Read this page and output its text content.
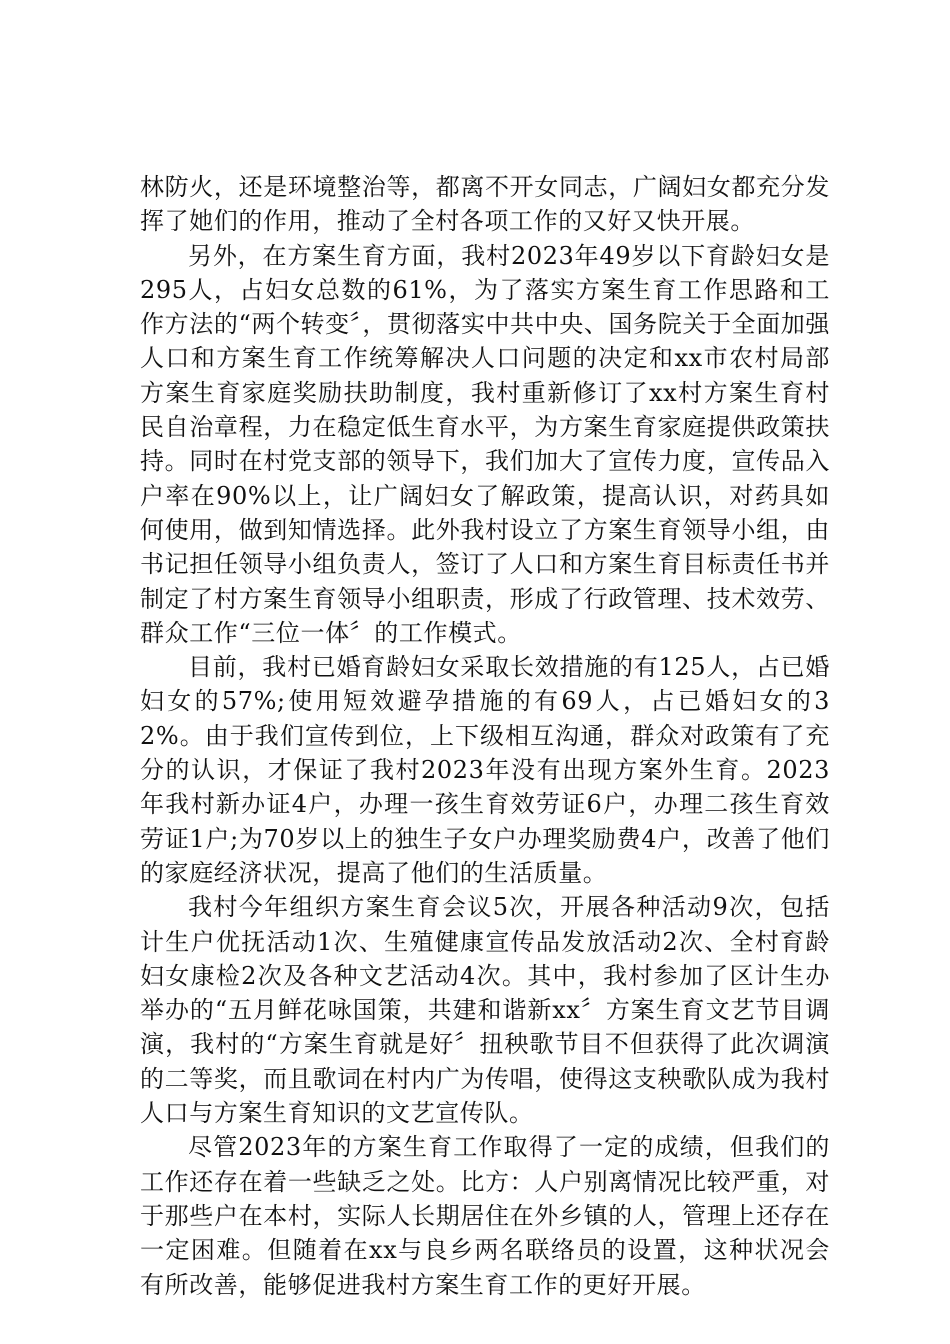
林防火，还是环境整治等，都离不开女同志，广阔妇女都充分发挥了她们的作用，推动了全村各项工作的又好又快开展。

另外，在方案生育方面，我村2023年49岁以下育龄妇女是295人，占妇女总数的61%，为了落实方案生育工作思路和工作方法的“两个转变〞，贯彻落实中共中央、国务院关于全面加强人口和方案生育工作统筹解决人口问题的决定和xx市农村局部方案生育家庭奖励扶助制度，我村重新修订了xx村方案生育村民自治章程，力在稳定低生育水平，为方案生育家庭提供政策扶持。同时在村党支部的领导下，我们加大了宣传力度，宣传品入户率在90%以上，让广阔妇女了解政策，提高认识，对药具如何使用，做到知情选择。此外我村设立了方案生育领导小组，由书记担任领导小组负责人，签订了人口和方案生育目标责任书并制定了村方案生育领导小组职责，形成了行政管理、技术效劳、群众工作“三位一体〞的工作模式。

目前，我村已婚育龄妇女采取长效措施的有125人，占已婚妇女的57%;使用短效避孕措施的有69人，占已婚妇女的32%。由于我们宣传到位，上下级相互沟通，群众对政策有了充分的认识，才保证了我村2023年没有出现方案外生育。2023年我村新办证4户，办理一孩生育效劳证6户，办理二孩生育效劳证1户;为70岁以上的独生子女户办理奖励费4户，改善了他们的家庭经济状况，提高了他们的生活质量。

我村今年组织方案生育会议5次，开展各种活动9次，包括计生户优抚活动1次、生殖健康宣传品发放活动2次、全村育龄妇女康检2次及各种文艺活动4次。其中，我村参加了区计生办举办的“五月鲜花咏国策，共建和谐新xx〞方案生育文艺节目调演，我村的“方案生育就是好〞扭秧歌节目不但获得了此次调演的二等奖，而且歌词在村内广为传唱，使得这支秧歌队成为我村人口与方案生育知识的文艺宣传队。

尽管2023年的方案生育工作取得了一定的成绩，但我们的工作还存在着一些缺乏之处。比方：人户别离情况比较严重，对于那些户在本村，实际人长期居住在外乡镇的人，管理上还存在一定困难。但随着在xx与良乡两名联络员的设置，这种状况会有所改善，能够促进我村方案生育工作的更好开展。
